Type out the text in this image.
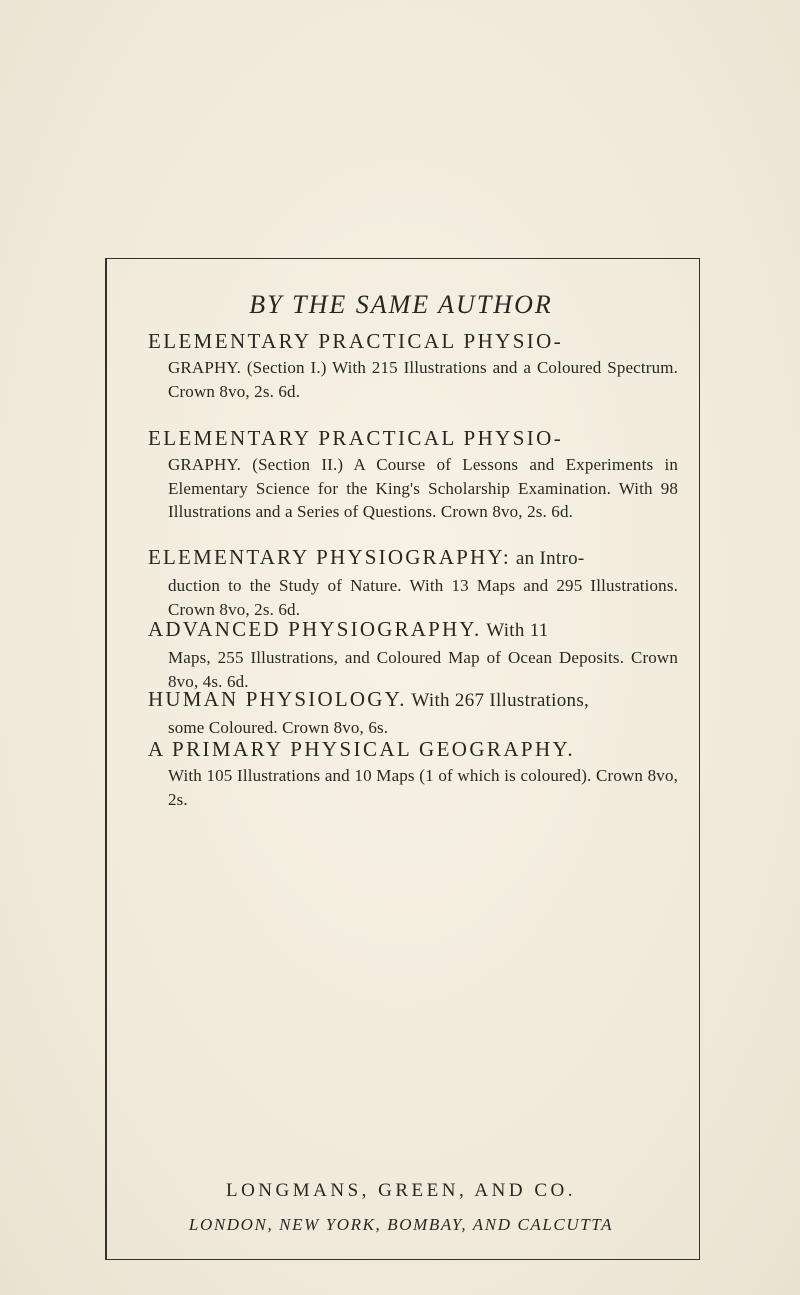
BY THE SAME AUTHOR
ELEMENTARY PRACTICAL PHYSIO-
GRAPHY. (Section I.) With 215 Illustrations and a Coloured Spectrum. Crown 8vo, 2s. 6d.
ELEMENTARY PRACTICAL PHYSIO-
GRAPHY. (Section II.) A Course of Lessons and Experiments in Elementary Science for the King's Scholarship Examination. With 98 Illustrations and a Series of Questions. Crown 8vo, 2s. 6d.
ELEMENTARY PHYSIOGRAPHY: an Intro-
duction to the Study of Nature. With 13 Maps and 295 Illustrations. Crown 8vo, 2s. 6d.
ADVANCED PHYSIOGRAPHY. With 11
Maps, 255 Illustrations, and Coloured Map of Ocean Deposits. Crown 8vo, 4s. 6d.
HUMAN PHYSIOLOGY. With 267 Illustrations,
some Coloured. Crown 8vo, 6s.
A PRIMARY PHYSICAL GEOGRAPHY.
With 105 Illustrations and 10 Maps (1 of which is coloured). Crown 8vo, 2s.
LONGMANS, GREEN, AND CO.
LONDON, NEW YORK, BOMBAY, AND CALCUTTA
